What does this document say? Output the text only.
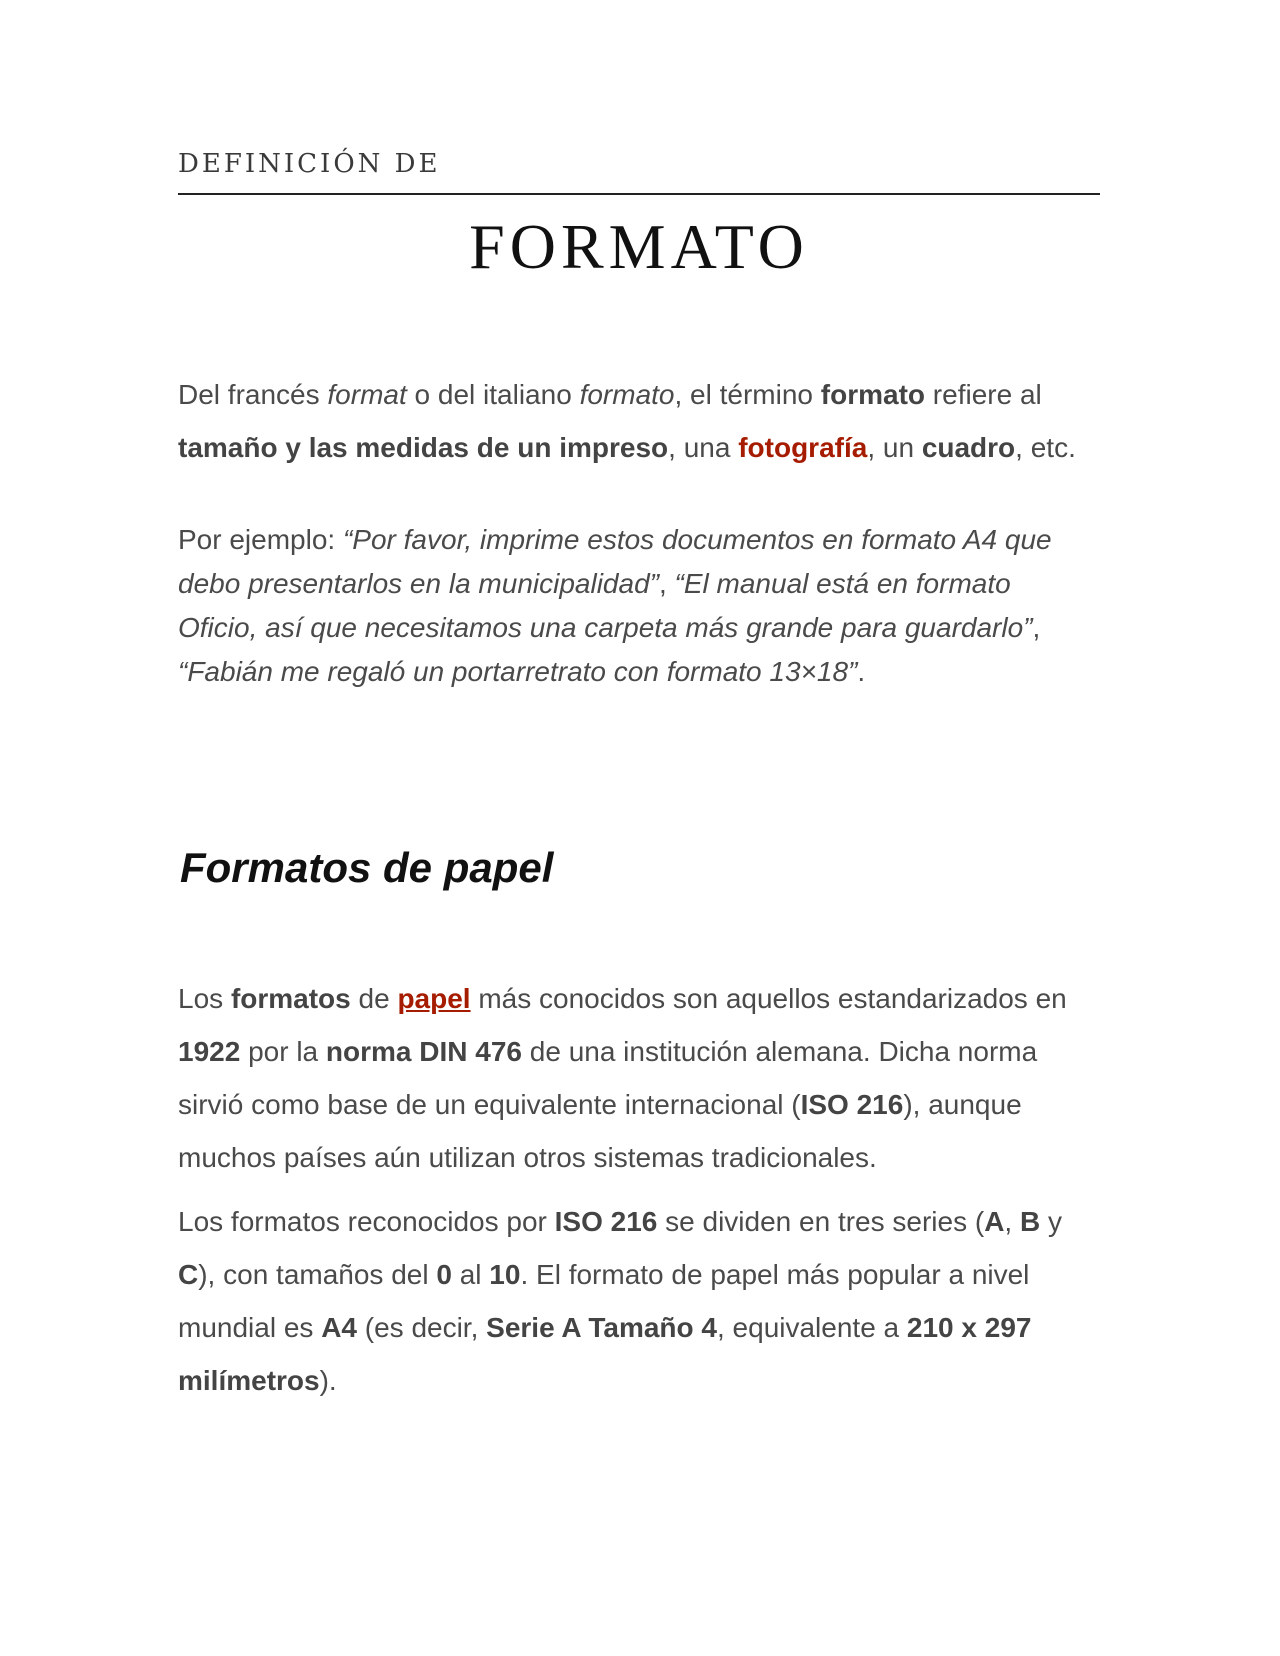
DEFINICIÓN DE
FORMATO

Del francés format o del italiano formato, el término formato refiere al tamaño y las medidas de un impreso, una fotografía, un cuadro, etc.

Por ejemplo: “Por favor, imprime estos documentos en formato A4 que debo presentarlos en la municipalidad”, “El manual está en formato Oficio, así que necesitamos una carpeta más grande para guardarlo”, “Fabián me regaló un portarretrato con formato 13×18”.

Formatos de papel

Los formatos de papel más conocidos son aquellos estandarizados en 1922 por la norma DIN 476 de una institución alemana. Dicha norma sirvió como base de un equivalente internacional (ISO 216), aunque muchos países aún utilizan otros sistemas tradicionales.

Los formatos reconocidos por ISO 216 se dividen en tres series (A, B y C), con tamaños del 0 al 10. El formato de papel más popular a nivel mundial es A4 (es decir, Serie A Tamaño 4, equivalente a 210 x 297 milímetros).
